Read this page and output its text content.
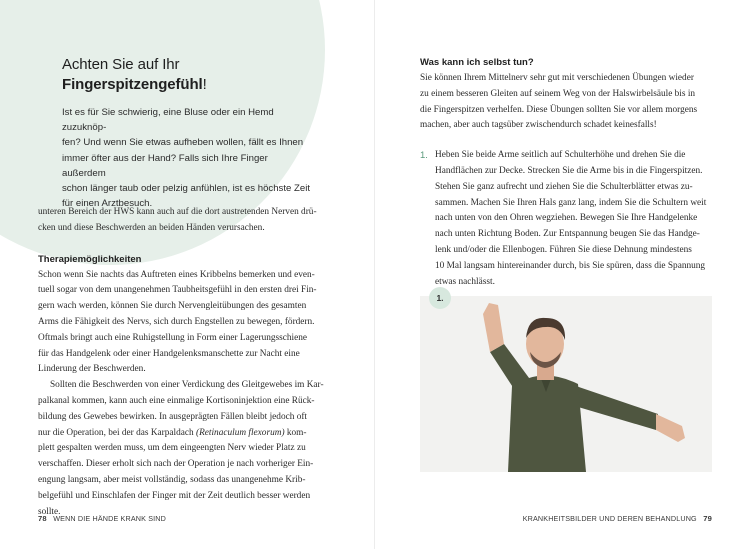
Achten Sie auf Ihr Fingerspitzengefühl!

Ist es für Sie schwierig, eine Bluse oder ein Hemd zuzuknöp-
fen? Und wenn Sie etwas aufheben wollen, fällt es Ihnen
immer öfter aus der Hand? Falls sich Ihre Finger außerdem
schon länger taub oder pelzig anfühlen, ist es höchste Zeit
für einen Arztbesuch.

unteren Bereich der HWS kann auch auf die dort austretenden Nerven drü-
cken und diese Beschwerden an beiden Händen verursachen.

Therapiemöglichkeiten

Schon wenn Sie nachts das Auftreten eines Kribbelns bemerken und even-
tuell sogar von dem unangenehmen Taubheitsgefühl in den ersten drei Fin-
gern wach werden, können Sie durch Nervengleitübungen des gesamten
Arms die Fähigkeit des Nervs, sich durch Engstellen zu bewegen, fördern.
Oftmals bringt auch eine Ruhigstellung in Form einer Lagerungsschiene
für das Handgelenk oder einer Handgelenksmanschette zur Nacht eine
Linderung der Beschwerden.

Sollten die Beschwerden von einer Verdickung des Gleitgewebes im Kar-
palkanal kommen, kann auch eine einmalige Kortisoninjektion eine Rück-
bildung des Gewebes bewirken. In ausgeprägten Fällen bleibt jedoch oft
nur die Operation, bei der das Karpaldach (Retinaculum flexorum) kom-
plett gespalten werden muss, um dem eingeengten Nerv wieder Platz zu
verschaffen. Dieser erholt sich nach der Operation je nach vorheriger Ein-
engung langsam, aber meist vollständig, sodass das unangenehme Krib-
belgefühl und Einschlafen der Finger mit der Zeit deutlich besser werden
sollte.

78 WENN DIE HÄNDE KRANK SIND
Was kann ich selbst tun?

Sie können Ihrem Mittelnerv sehr gut mit verschiedenen Übungen wieder
zu einem besseren Gleiten auf seinem Weg von der Halswirbelsäule bis in
die Fingerspitzen verhelfen. Diese Übungen sollten Sie vor allem morgens
machen, aber auch tagsüber zwischendurch schadet keinesfalls!

1. Heben Sie beide Arme seitlich auf Schulterhöhe und drehen Sie die
Handflächen zur Decke. Strecken Sie die Arme bis in die Fingerspitzen.
Stehen Sie ganz aufrecht und ziehen Sie die Schulterblätter etwas zu-
sammen. Machen Sie Ihren Hals ganz lang, indem Sie die Schultern weit
nach unten von den Ohren wegziehen. Bewegen Sie Ihre Handgelenke
nach unten Richtung Boden. Zur Entspannung beugen Sie das Handge-
lenk und/oder die Ellenbogen. Führen Sie diese Dehnung mindestens
10 Mal langsam hintereinander durch, bis Sie spüren, dass die Spannung
etwas nachlässt.

KRANKHEITSBILDER UND DEREN BEHANDLUNG 79
1.
